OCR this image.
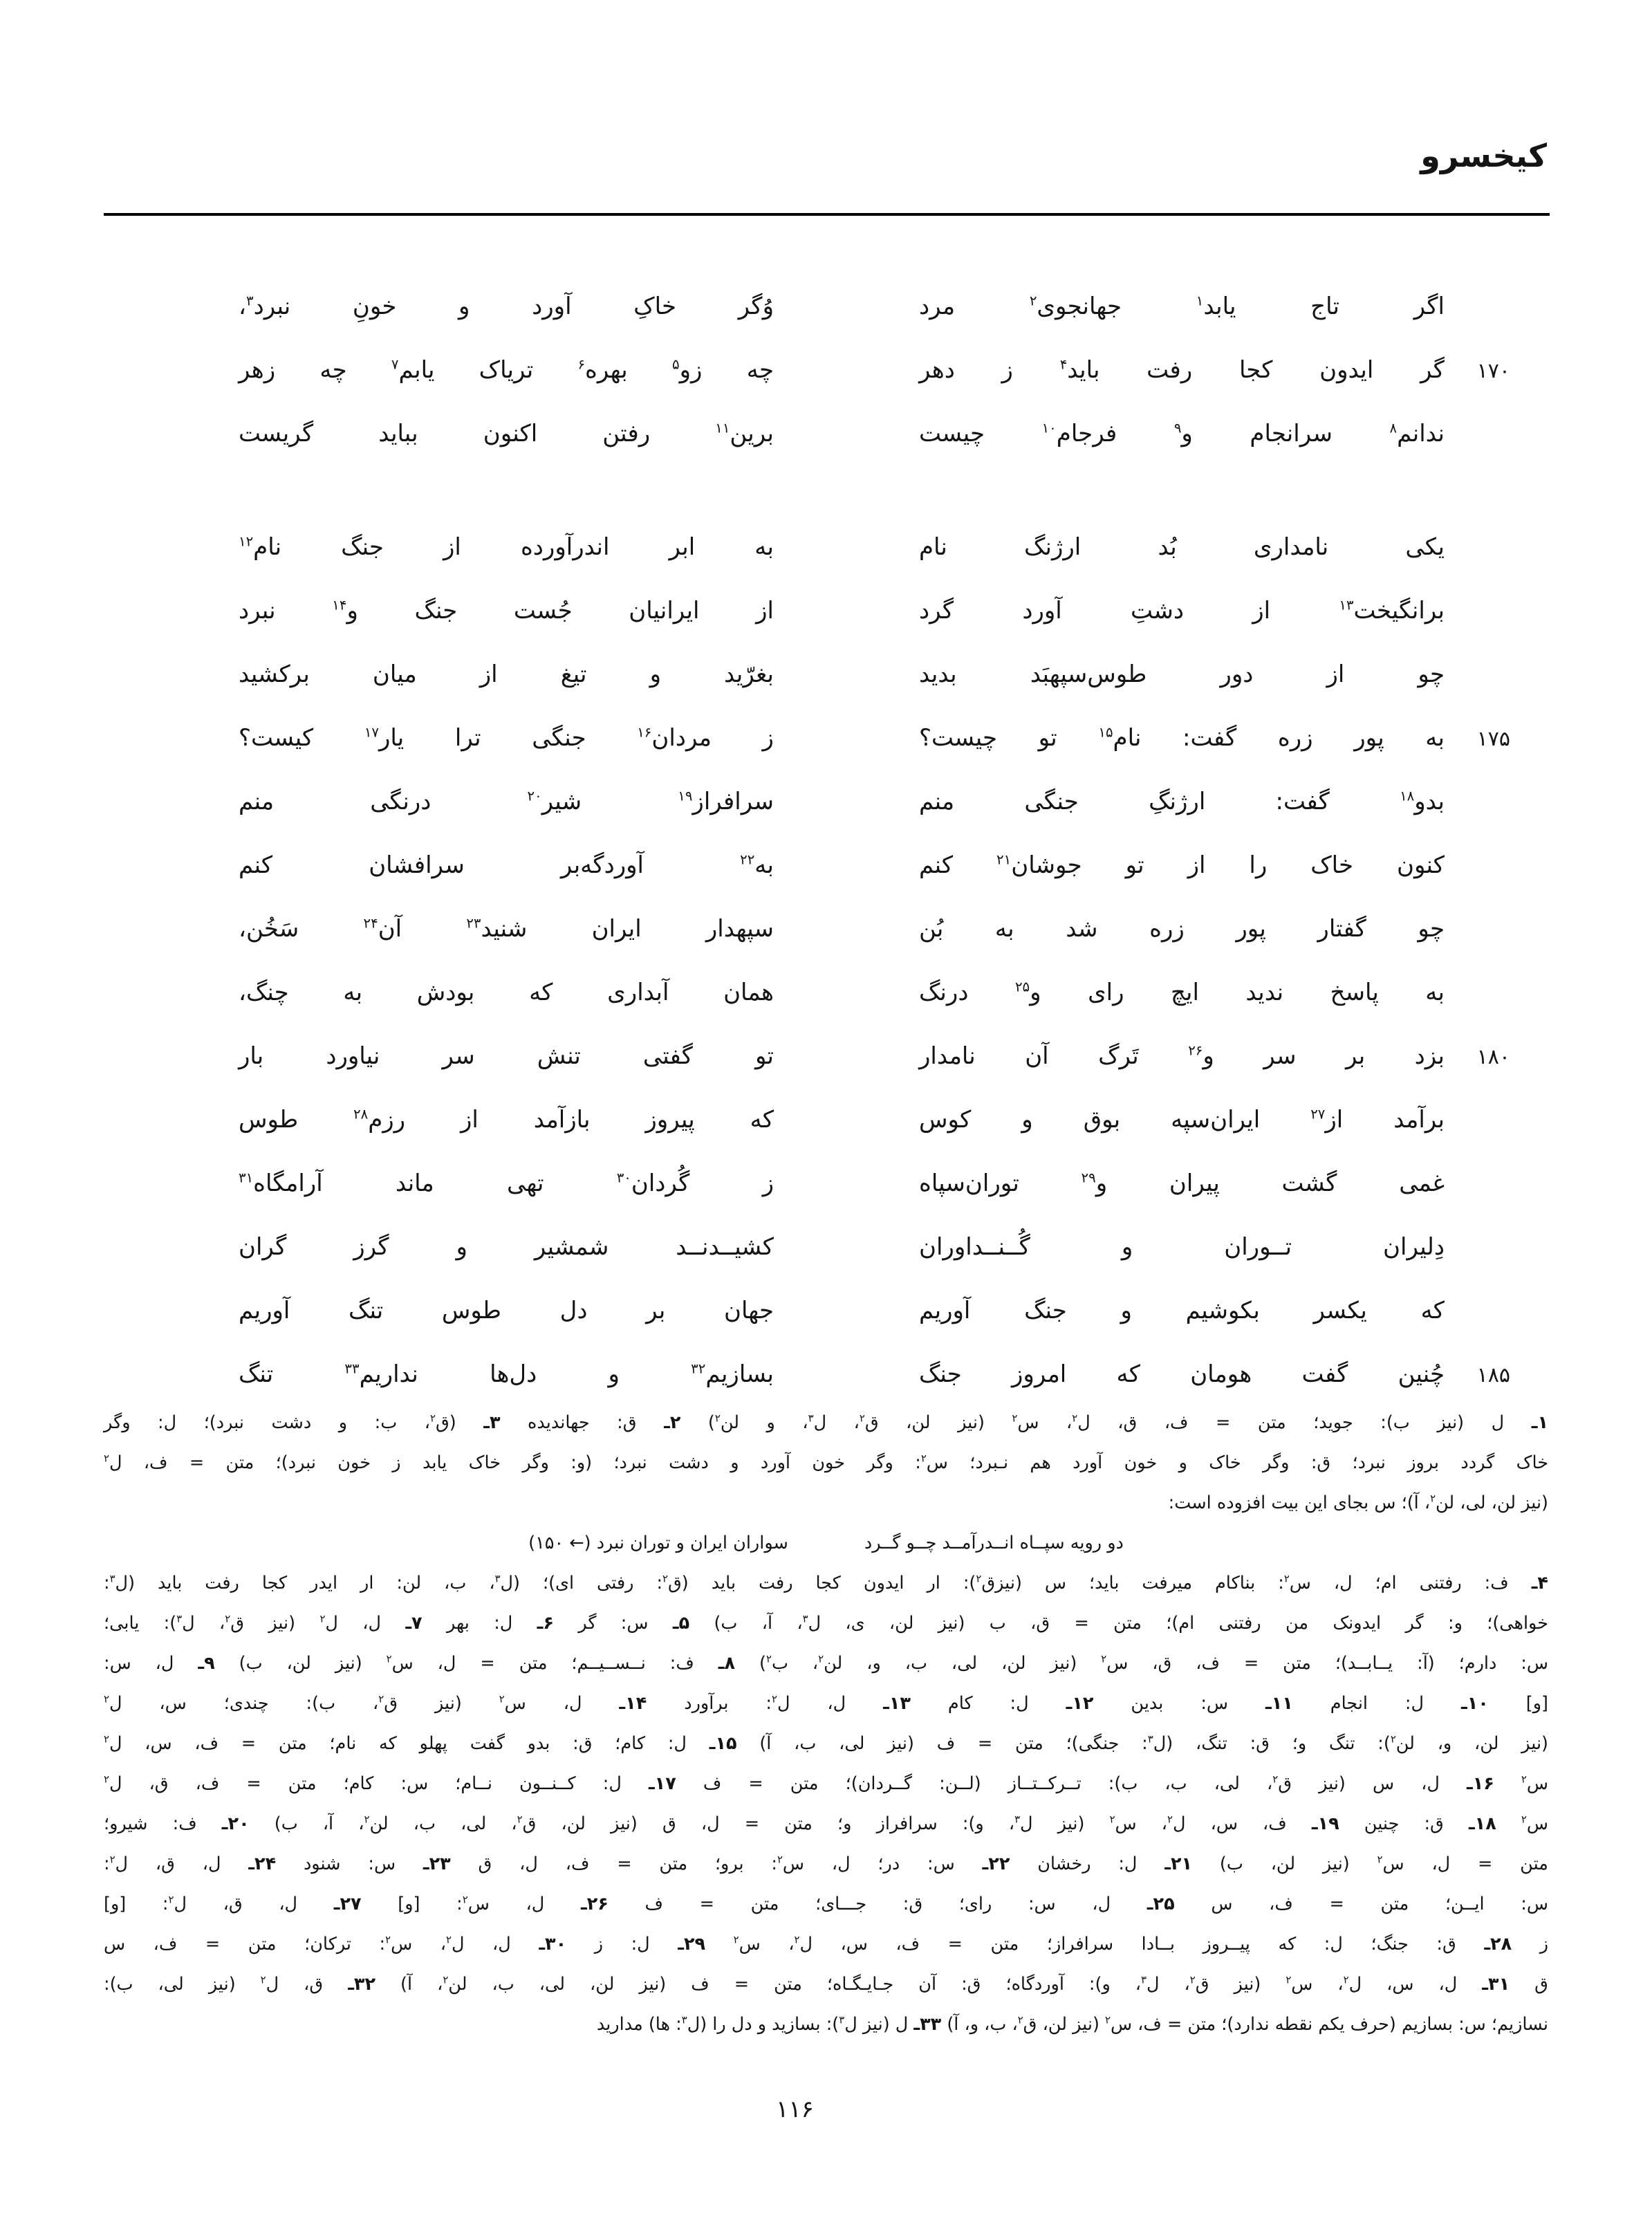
کیخسرو
اگر تاج یابد$^۱$ جهانجوی$^۲$ مرد
وُگر خاکِ آورد و خونِ نبرد$^۳$،
۱۷۰
گر ایدون کجا رفت باید$^۴$ ز دهر
چه زو$^۵$ بهره$^۶$ تریاک یابم$^۷$ چه زهر
ندانم$^۸$ سرانجام و$^۹$ فرجام$^{۱۰}$ چیست
برین$^{۱۱}$ رفتن اکنون بباید گریست
یکی نامداری بُد ارژنگ نام
به ابر اندرآورده از جنگ نام$^{۱۲}$
برانگیخت$^{۱۳}$ از دشتِ آورد گرد
از ایرانیان جُست جنگ و$^{۱۴}$ نبرد
چو از دور طوس‌سپهبَد بدید
بغرّید و تیغ از میان برکشید
۱۷۵
به پور زره گفت: نام$^{۱۵}$ تو چیست؟
ز مردان$^{۱۶}$ جنگی ترا یار$^{۱۷}$ کیست؟
بدو$^{۱۸}$ گفت: ارژنگِ جنگی منم
سرافراز$^{۱۹}$ شیر$^{۲۰}$ درنگی منم
کنون خاک را از تو جوشان$^{۲۱}$ کنم
به$^{۲۲}$ آوردگه‌بر سرافشان کنم
چو گفتار پور زره شد به بُن
سپهدار ایران شنید$^{۲۳}$ آن$^{۲۴}$ سَخُن،
به پاسخ ندید ایچ رای و$^{۲۵}$ درنگ
همان آبداری که بودش به چنگ،
۱۸۰
بزد بر سر و$^{۲۶}$ تَرگ آن نامدار
تو گفتی تنش سر نیاورد بار
برآمد از$^{۲۷}$ ایران‌سپه بوق و کوس
که پیروز بازآمد از رزم$^{۲۸}$ طوس
غمی گشت پیران و$^{۲۹}$ توران‌سپاه
ز گُردان$^{۳۰}$ تهی ماند آرامگاه$^{۳۱}$
دِلیران تــوران و گُــنــداوران
کشیــدنــد شمشیر و گرز گران
که یکسر بکوشیم و جنگ آوریم
جهان بر دل طوس تنگ آوریم
۱۸۵
چُنین گفت هومان که امروز جنگ
بسازیم$^{۳۲}$ و دل‌ها نداریم$^{۳۳}$ تنگ
۱ـ ل (نیز ب): جوید؛ متن = ف، ق، ل$^۲$، س$^۲$ (نیز لن، ق$^۲$، ل$^۳$، و لن$^۲$) ۲ـ ق: جهاندیده ۳ـ (ق$^۲$، ب: و دشت نبرد)؛ ل: وگر
خاک گردد بروز نبرد؛ ق: وگر خاک و خون آورد هم نـبرد؛ س$^۲$: وگر خون آورد و دشت نبرد؛ (و: وگر خاک یابد ز خون نبرد)؛ متن = ف، ل$^۲$
(نیز لن، لی، لن$^۲$، آ)؛ س بجای این بیت افزوده است:
دو رویه سپــاه انــدرآمــد چــو گــرد
سواران ایران و توران نبرد (← ۱۵۰)
۴ـ ف: رفتنی ام؛ ل، س$^۲$: بناکام میرفت باید؛ س (نیزق$^۲$): ار ایدون کجا رفت باید (ق$^۲$: رفتی ای)؛ (ل$^۳$، ب، لن: ار ایدر کجا رفت باید (ل$^۳$:
خواهی)؛ و: گر ایدونک من رفتنی ام)؛ متن = ق، ب (نیز لن، ی، ل$^۳$، آ، ب) ۵ـ س: گر ۶ـ ل: بهر ۷ـ ل، ل$^۲$ (نیز ق$^۲$، ل$^۳$): یابی؛
س: دارم؛ (آ: یــابــد)؛ متن = ف، ق، س$^۲$ (نیز لن، لی، ب، و، لن$^۲$، ب$^۲$) ۸ـ ف: نــســیــم؛ متن = ل، س$^۲$ (نیز لن، ب) ۹ـ ل، س:
[و] ۱۰ـ ل: انجام ۱۱ـ س: بدین ۱۲ـ ل: کام ۱۳ـ ل، ل$^۲$: برآورد ۱۴ـ ل، س$^۲$ (نیز ق$^۲$، ب): چندی؛ س، ل$^۲$
(نیز لن، و، لن$^۲$): تنگ و؛ ق: تنگ، (ل$^۳$: جنگی)؛ متن = ف (نیز لی، ب، آ) ۱۵ـ ل: کام؛ ق: بدو گفت پهلو که نام؛ متن = ف، س، ل$^۲$
س$^۲$ ۱۶ـ ل، س (نیز ق$^۲$، لی، ب، ب): تــرکــتــاز (لــن: گــردان)؛ متن = ف ۱۷ـ ل: کــنــون نــام؛ س: کام؛ متن = ف، ق، ل$^۲$
س$^۲$ ۱۸ـ ق: چنین ۱۹ـ ف، س، ل$^۲$، س$^۲$ (نیز ل$^۳$، و): سرافراز و؛ متن = ل، ق (نیز لن، ق$^۲$، لی، ب، لن$^۲$، آ، ب) ۲۰ـ ف: شیرو؛
متن = ل، س$^۲$ (نیز لن، ب) ۲۱ـ ل: رخشان ۲۲ـ س: در؛ ل، س$^۲$: برو؛ متن = ف، ل، ق ۲۳ـ س: شنود ۲۴ـ ل، ق، ل$^۲$:
س: ایــن؛ متن = ف، س ۲۵ـ ل، س: رای؛ ق: جـــای؛ متن = ف ۲۶ـ ل، س$^۲$: [و] ۲۷ـ ل، ق، ل$^۲$: [و]
ز ۲۸ـ ق: جنگ؛ ل: که پیــروز بــادا سرافراز؛ متن = ف، س، ل$^۲$، س$^۲$ ۲۹ـ ل: ز ۳۰ـ ل، ل$^۲$، س$^۲$: ترکان؛ متن = ف، س
ق ۳۱ـ ل، س، ل$^۲$، س$^۲$ (نیز ق$^۲$، ل$^۳$، و): آوردگاه؛ ق: آن جـایـگـاه؛ متن = ف (نیز لن، لی، ب، لن$^۲$، آ) ۳۲ـ ق، ل$^۲$ (نیز لی، ب):
نسازیم؛ س: بسازیم (حرف یکم نقطه ندارد)؛ متن = ف، س$^۲$ (نیز لن، ق$^۲$، ب، و، آ) ۳۳ـ ل (نیز ل$^۳$): بسازید و دل را (ل$^۳$: ها) مدارید
۱۱۶
